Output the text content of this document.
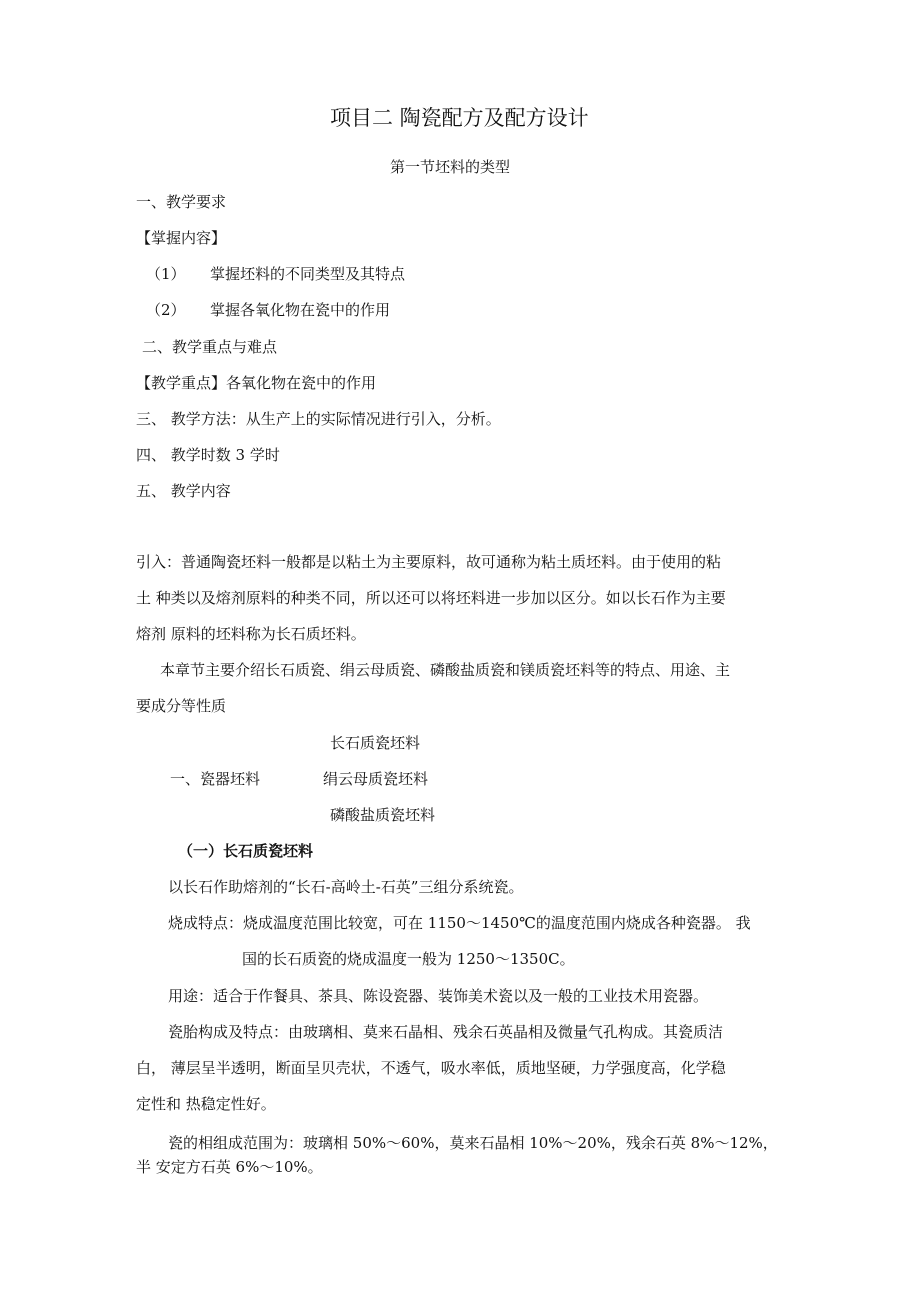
项目二 陶瓷配方及配方设计
第一节坯料的类型
一、教学要求
【掌握内容】
（1） 掌握坯料的不同类型及其特点
（2） 掌握各氧化物在瓷中的作用
二、教学重点与难点
【教学重点】各氧化物在瓷中的作用
三、 教学方法：从生产上的实际情况进行引入，分析。
四、 教学时数 3 学时
五、 教学内容
引入：普通陶瓷坯料一般都是以粘土为主要原料，故可通称为粘土质坯料。由于使用的粘
土 种类以及熔剂原料的种类不同，所以还可以将坯料进一步加以区分。如以长石作为主要
熔剂 原料的坯料称为长石质坯料。
本章节主要介绍长石质瓷、绢云母质瓷、磷酸盐质瓷和镁质瓷坯料等的特点、用途、主
要成分等性质
长石质瓷坯料
一、瓷器坯料	绢云母质瓷坯料
磷酸盐质瓷坯料
（一）长石质瓷坯料
以长石作助熔剂的“长石-高岭土-石英”三组分系统瓷。
烧成特点：烧成温度范围比较宽，可在 1150～1450℃的温度范围内烧成各种瓷器。 我
国的长石质瓷的烧成温度一般为 1250～1350C。
用途：适合于作餐具、茶具、陈设瓷器、装饰美术瓷以及一般的工业技术用瓷器。
瓷胎构成及特点：由玻璃相、莫来石晶相、残余石英晶相及微量气孔构成。其瓷质洁
白， 薄层呈半透明，断面呈贝壳状，不透气，吸水率低，质地坚硬，力学强度高，化学稳
定性和 热稳定性好。
瓷的相组成范围为：玻璃相 50%～60%，莫来石晶相 10%～20%，残余石英 8%～12%，
半 安定方石英 6%～10%。
